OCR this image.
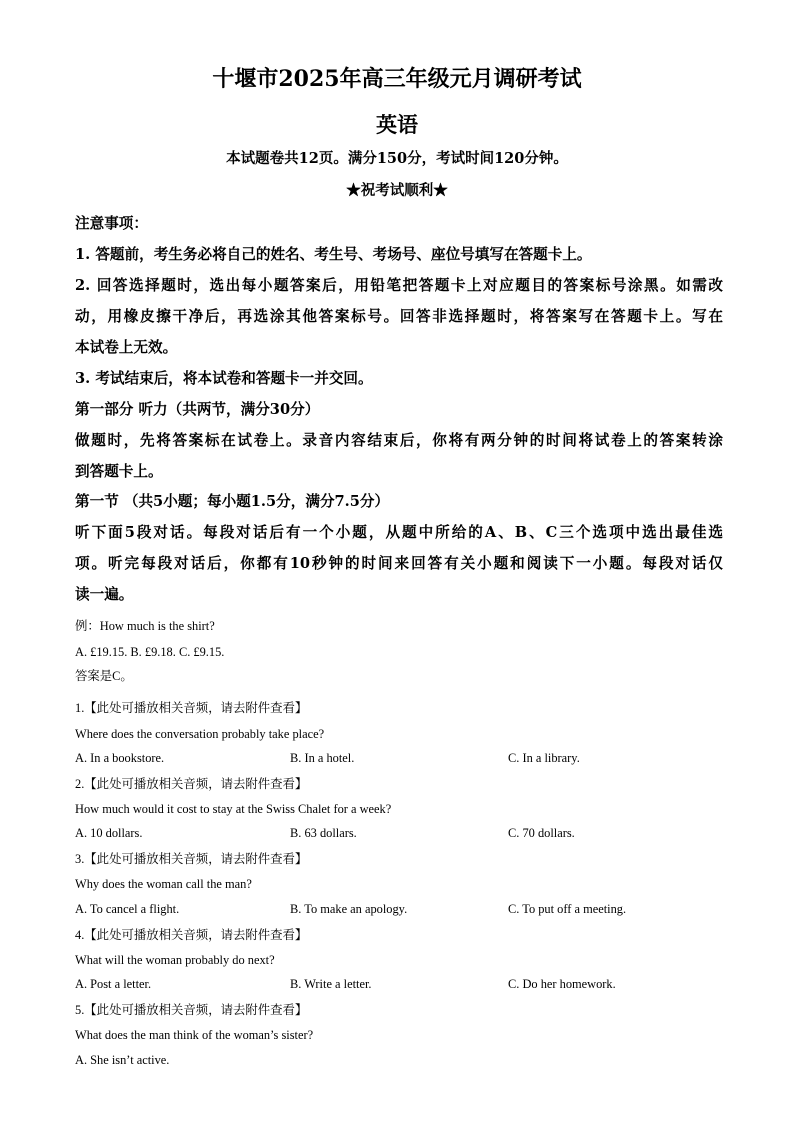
十堰市2025年高三年级元月调研考试
英语
本试题卷共12页。满分150分，考试时间120分钟。
★祝考试顺利★
注意事项：
1. 答题前，考生务必将自己的姓名、考生号、考场号、座位号填写在答题卡上。
2. 回答选择题时，选出每小题答案后，用铅笔把答题卡上对应题目的答案标号涂黑。如需改
动，用橡皮擦干净后，再选涂其他答案标号。回答非选择题时，将答案写在答题卡上。写在
本试卷上无效。
3. 考试结束后，将本试卷和答题卡一并交回。
第一部分 听力（共两节，满分30分）
做题时，先将答案标在试卷上。录音内容结束后，你将有两分钟的时间将试卷上的答案转涂
到答题卡上。
第一节 （共5小题；每小题1.5分，满分7.5分）
听下面5段对话。每段对话后有一个小题，从题中所给的A、B、C三个选项中选出最佳选
项。听完每段对话后，你都有10秒钟的时间来回答有关小题和阅读下一小题。每段对话仅
读一遍。
例：How much is the shirt?
A. £19.15. B. £9.18. C. £9.15.
答案是C。
1.【此处可播放相关音频，请去附件查看】
Where does the conversation probably take place?
A. In a bookstore.	B. In a hotel.	C. In a library.
2.【此处可播放相关音频，请去附件查看】
How much would it cost to stay at the Swiss Chalet for a week?
A. 10 dollars.	B. 63 dollars.	C. 70 dollars.
3.【此处可播放相关音频，请去附件查看】
Why does the woman call the man?
A. To cancel a flight.	B. To make an apology.	C. To put off a meeting.
4.【此处可播放相关音频，请去附件查看】
What will the woman probably do next?
A. Post a letter.	B. Write a letter.	C. Do her homework.
5.【此处可播放相关音频，请去附件查看】
What does the man think of the woman’s sister?
A. She isn’t active.
